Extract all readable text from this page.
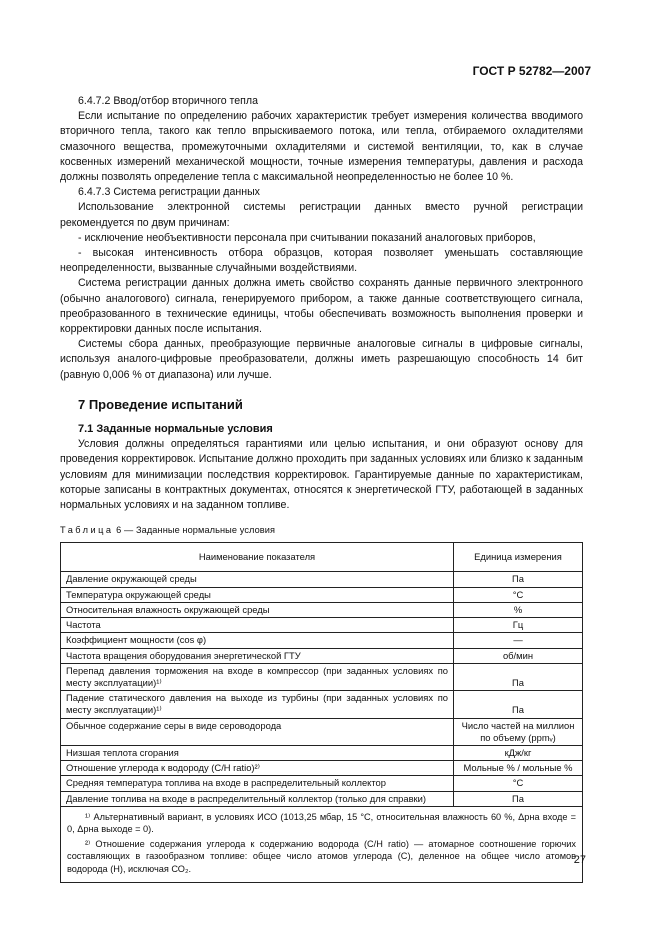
ГОСТ Р 52782—2007

6.4.7.2 Ввод/отбор вторичного тепла

Если испытание по определению рабочих характеристик требует измерения количества вводимого вторичного тепла, такого как тепло впрыскиваемого потока, или тепла, отбираемого охладителями смазочного вещества, промежуточными охладителями и системой вентиляции, то, как в случае косвенных измерений механической мощности, точные измерения температуры, давления и расхода должны позволять определение тепла с максимальной неопределенностью не более 10 %.

6.4.7.3 Система регистрации данных

Использование электронной системы регистрации данных вместо ручной регистрации рекомендуется по двум причинам:

- исключение необъективности персонала при считывании показаний аналоговых приборов,

- высокая интенсивность отбора образцов, которая позволяет уменьшать составляющие неопределенности, вызванные случайными воздействиями.

Система регистрации данных должна иметь свойство сохранять данные первичного электронного (обычно аналогового) сигнала, генерируемого прибором, а также данные соответствующего сигнала, преобразованного в технические единицы, чтобы обеспечивать возможность выполнения проверки и корректировки данных после испытания.

Системы сбора данных, преобразующие первичные аналоговые сигналы в цифровые сигналы, используя аналого-цифровые преобразователи, должны иметь разрешающую способность 14 бит (равную 0,006 % от диапазона) или лучше.

7 Проведение испытаний
7.1 Заданные нормальные условия

Условия должны определяться гарантиями или целью испытания, и они образуют основу для проведения корректировок. Испытание должно проходить при заданных условиях или близко к заданным условиям для минимизации последствия корректировок. Гарантируемые данные по характеристикам, которые записаны в контрактных документах, относятся к энергетической ГТУ, работающей в заданных нормальных условиях и на заданном топливе.

Таблица 6 — Заданные нормальные условия
Наименование показателя	Единица измерения
Давление окружающей среды	Па
Температура окружающей среды	°С
Относительная влажность окружающей среды	%
Частота	Гц
Коэффициент мощности (cos φ)	—
Частота вращения оборудования энергетической ГТУ	об/мин
Перепад давления торможения на входе в компрессор (при заданных условиях по месту эксплуатации)¹⁾	Па
Падение статического давления на выходе из турбины (при заданных условиях по месту эксплуатации)¹⁾	Па
Обычное содержание серы в виде сероводорода	Число частей на миллион по объему (ppmᵥ)
Низшая теплота сгорания	кДж/кг
Отношение углерода к водороду (С/Н ratio)²⁾	Мольные % / мольные %
Средняя температура топлива на входе в распределительный коллектор	°С
Давление топлива на входе в распределительный коллектор (только для справки)	Па

¹⁾ Альтернативный вариант, в условиях ИСО (1013,25 мбар, 15 °С, относительная влажность 60 %, Δpна входе = 0, Δpна выходе = 0).

²⁾ Отношение содержания углерода к содержанию водорода (С/Н ratio) — атомарное соотношение горючих составляющих в газообразном топливе: общее число атомов углерода (С), деленное на общее число атомов водорода (Н), исключая СО₂.	

27
